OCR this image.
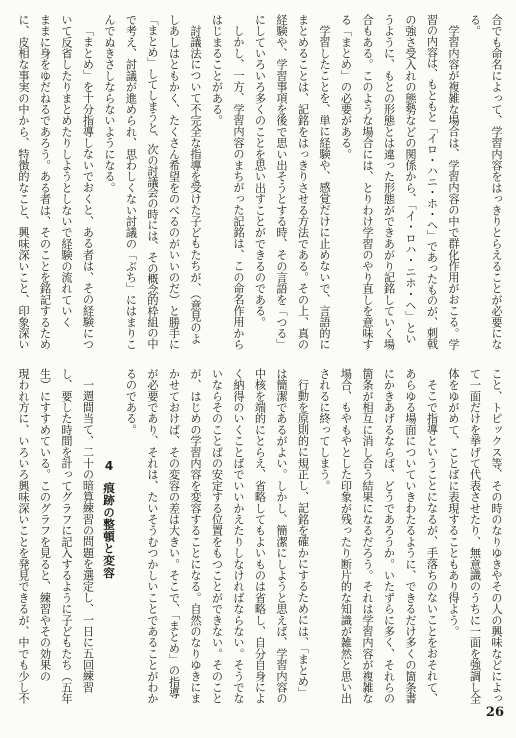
合でも命名によって、学習内容をはっきりとらえることが必要にな
る。
学習内容が複雑な場合は、学習内容の中で群化作用がおこる。学
習の内容は、もともと「イロ・ハニ・ホ・ヘ」であったものが、刺戟
の強さ受入れの態勢などの関係から、「イ・ロハ・ニホ・ヘ」とい
うように、もとの形態とは違った形態ができあがり記銘していく場
合もある。このような場合には、とりわけ学習のやり直しを意味す
る「まとめ」の必要がある。
学習したことを、単に経験や、感覚だけに止めないで、言語的に
まとめることは、記銘をはっきりさせる方法である。その上、真の
経験や、学習事項を後で思い出そうとする時、その言語を「つる」
にしていろいろ多くのことを思い出すことができるのである。
しかし、一方、学習内容のまちがった記銘は、この命名作用から
はじまることがある。
討議法について不完全な指導を受けた子どもたちが、（意見のよ
しあしはともかく、たくさん希望をのべるのがいいのだ）と勝手に
「まとめ」してしまうと、次の討議会の時には、その概念的枠組の中
で考え、討議が進められ、思わしくない討議の「ぶち」にはまりこ
んでぬきさしならないようになる。
「まとめ」を十分指導しないでおくと、ある者は、その経験につ
いて反省したりまとめたりしようとしないで経験の流れていく
ままに身をゆだねるであろう。ある者は、そのことを銘記するため
に、皮相な事実の中から、特徴的なこと、興味深いこと、印象深い
こと、トピックス等、その時のなりゆきやその人の興味などによっ
て一面だけを挙げて代表させたり、無意識のうちに一面を強調し全
体をゆがめて、ことばに表現することもあり得よう。
そこで指導ということになるが、手落ちのないことをおそれて、
あらゆる場面についていきわたるように、できるだけ多くの箇条書
にかきあげるならば、どうであろうか。いたずらに多く、それらの
箇条が相互に消し合う結果になるだろう。それは学習内容が複雑な
場合、もやもやとした印象が残ったり断片的な知識が雑然と思い出
されるに終ってしまう。
行動を原則的に規正し、記銘を確かにするためには、「まとめ」
は簡潔であるがよい。しかし、簡潔にしようと思えば、学習内容の
中核を端的にとらえ、省略してもよいものは省略し、自分自身によ
く納得のいくことばでいいかえたりしなければならない。そうでな
いならそのことばの安定する位置をもつことができない。そのこと
が、はじめの学習内容を変容することになる。自然のなりゆきにま
かせておけば、その変容の差は大きい。そこで、「まとめ」の指導
が必要であり、それは、たいそうむつかしいことであることがわか
るのである。
4 痕跡の整頓と変容
一週間当て、二十の暗算練習の問題を選定し、一日に五回練習
し、要した時間を計ってグラフに記入するように子どもたち（五年
生）にすすめている。このグラフを見ると、練習やその効果の
現われ方に、いろいろ興味深いことを発見できるが、中でも少し不
26
